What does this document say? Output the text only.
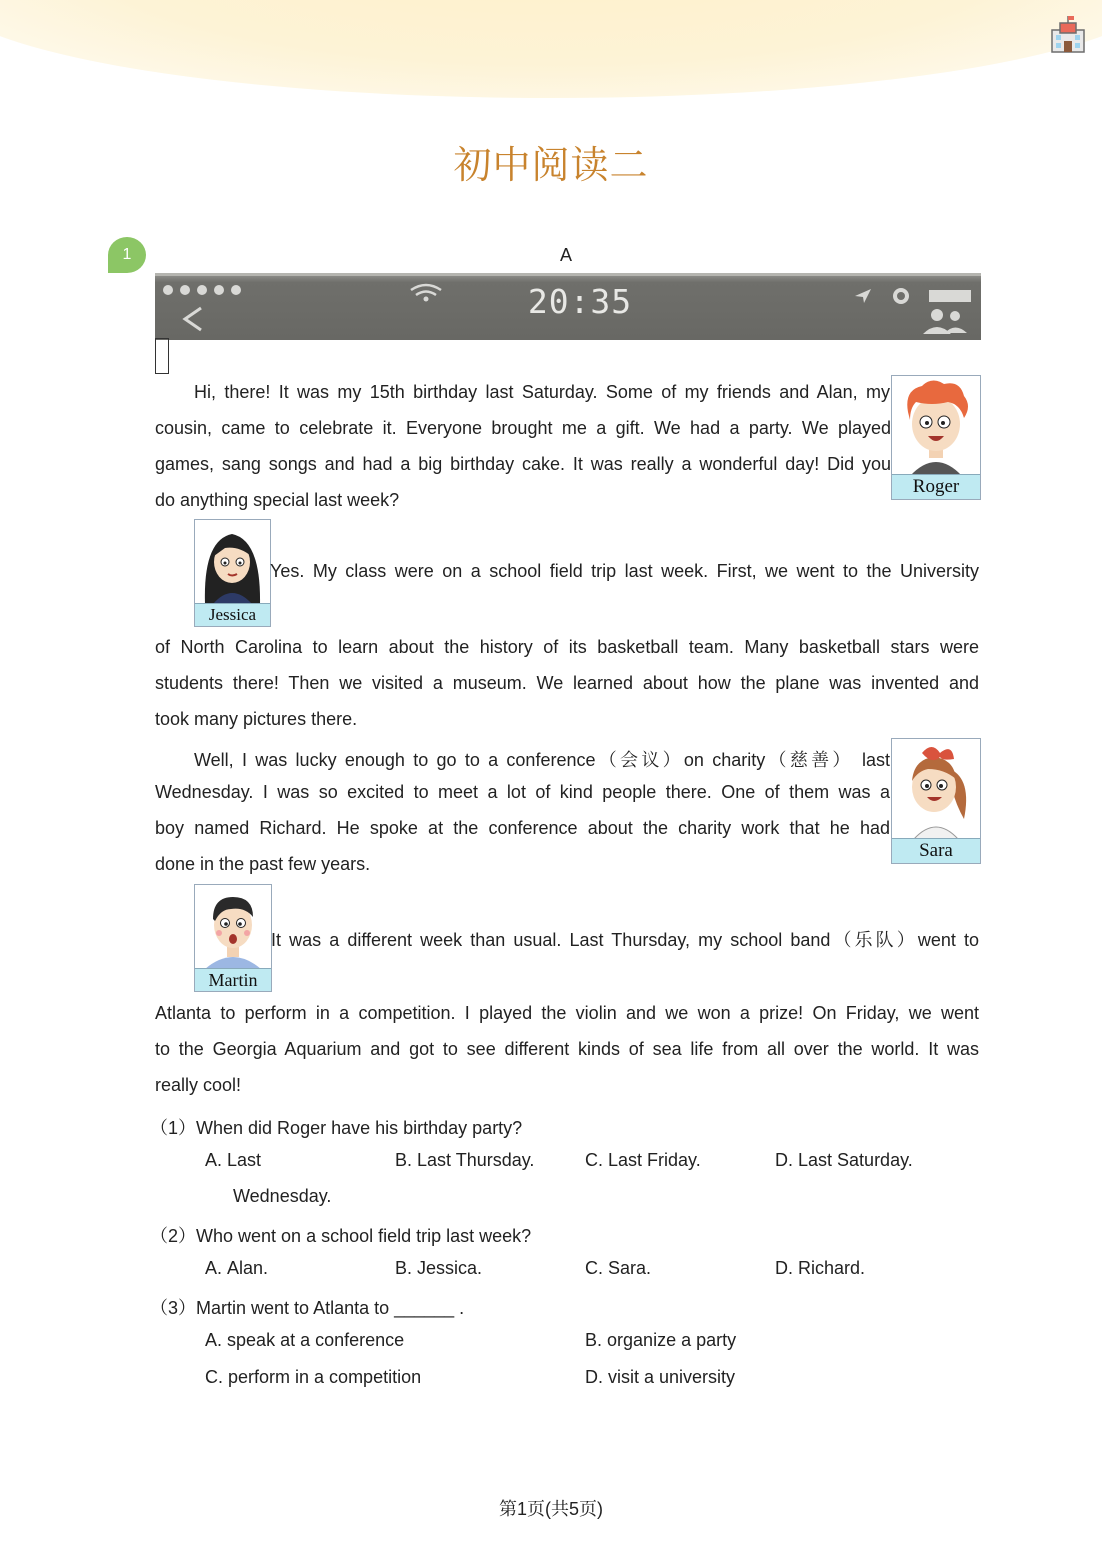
初中阅读二
1	A
20:35
Hi, there! It was my 15th birthday last Saturday. Some of my friends and Alan, my
cousin, came to celebrate it. Everyone brought me a gift. We had a party. We played
games, sang songs and had a big birthday cake. It was really a wonderful day! Did you
do anything special last week?
Roger
Jessica
Yes. My class were on a school field trip last week. First, we went to the University
of North Carolina to learn about the history of its basketball team. Many basketball stars were
students there! Then we visited a museum. We learned about how the plane was invented and
took many pictures there.
Well, I was lucky enough to go to a conference（会议）on charity（慈善） last
Wednesday. I was so excited to meet a lot of kind people there. One of them was a
boy named Richard. He spoke at the conference about the charity work that he had
done in the past few years.
Sara
Martin
It was a different week than usual. Last Thursday, my school band（乐队）went to
Atlanta to perform in a competition. I played the violin and we won a prize! On Friday, we went
to the Georgia Aquarium and got to see different kinds of sea life from all over the world. It was
really cool!
（1）When did Roger have his birthday party?
A. Last
Wednesday.
B. Last Thursday.	C. Last Friday.	D. Last Saturday.
（2）Who went on a school field trip last week?
A. Alan.	B. Jessica.	C. Sara.	D. Richard.
（3）Martin went to Atlanta to ______ .
A. speak at a conference	B. organize a party
C. perform in a competition	D. visit a university
第1页(共5页)
